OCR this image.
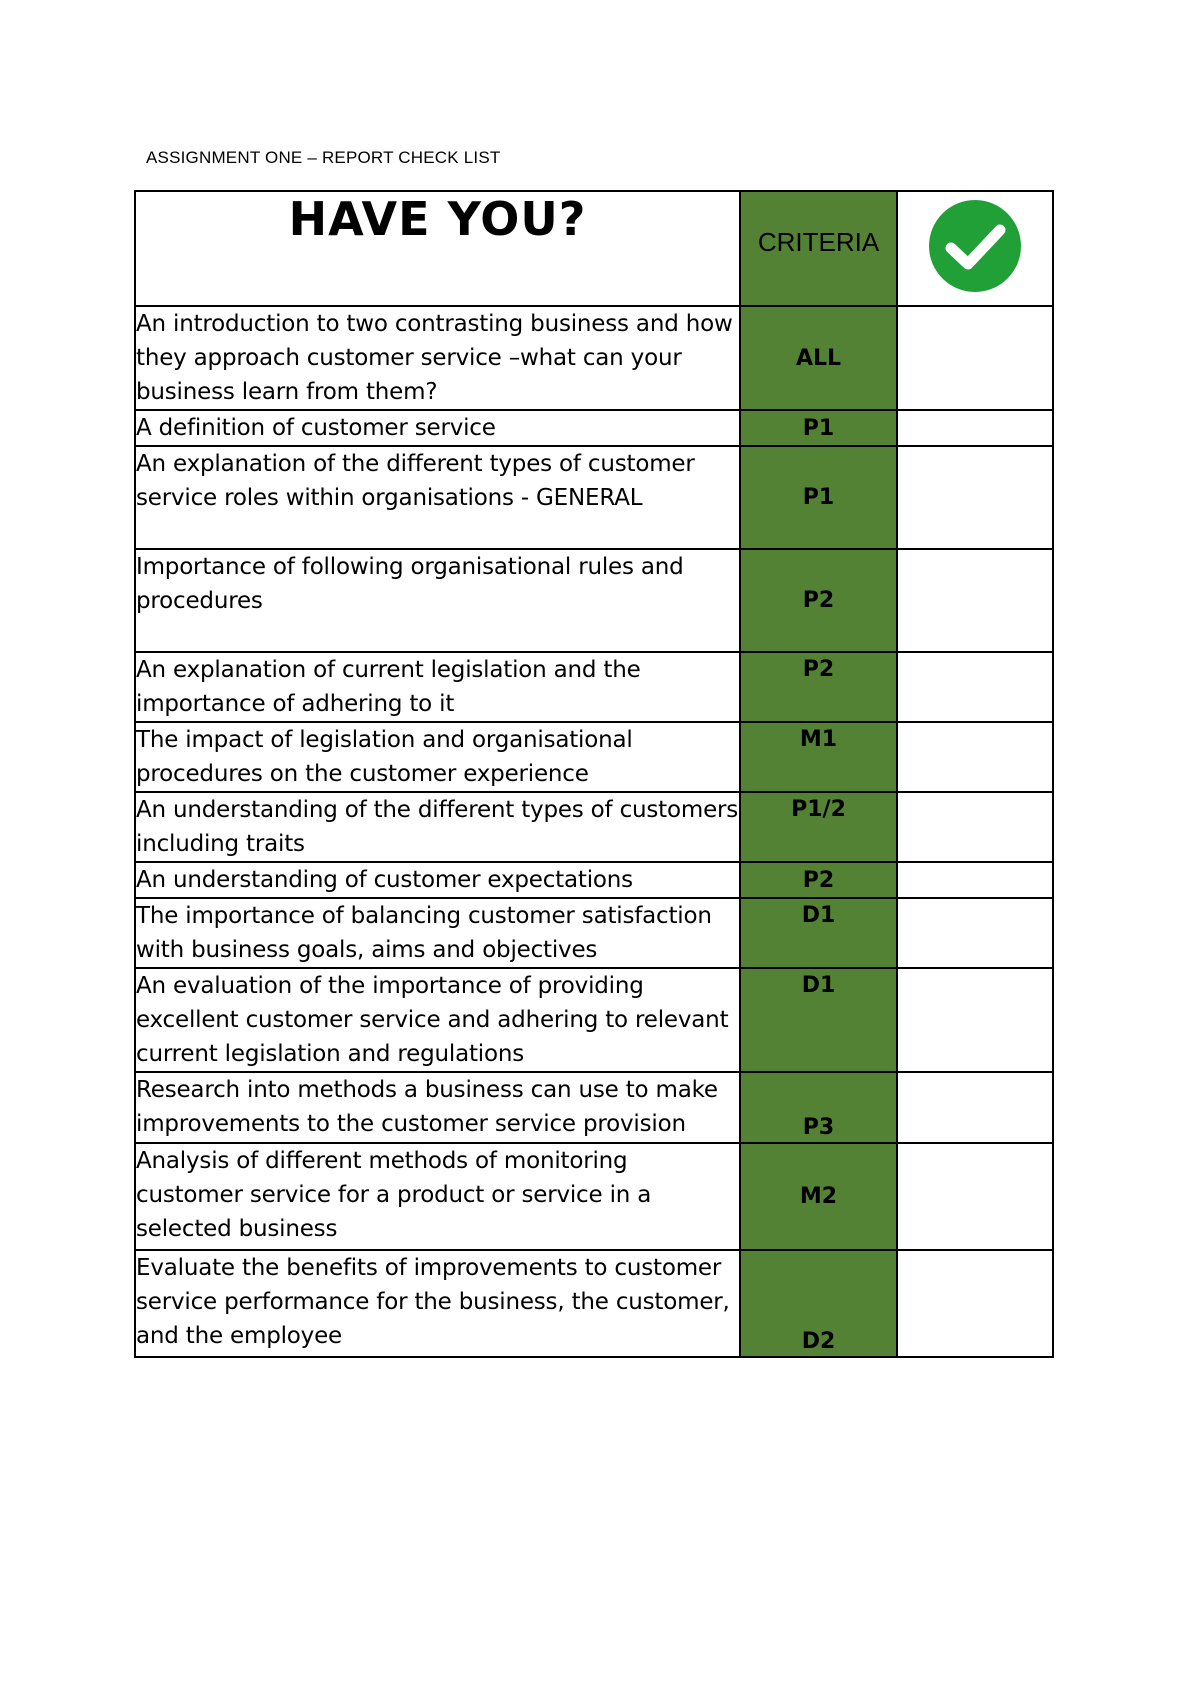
ASSIGNMENT ONE – REPORT CHECK LIST
HAVE YOU?	CRITERIA	
An introduction to two contrasting business and how they approach customer service –what can your business learn from them?	ALL	
A definition of customer service	P1	
An explanation of the different types of customer service roles within organisations - GENERAL	P1	
Importance of following organisational rules and procedures	P2	
An explanation of current legislation and the importance of adhering to it	P2	
The impact of legislation and organisational procedures on the customer experience	M1	
An understanding of the different types of customers including traits	P1/2	
An understanding of customer expectations	P2	
The importance of balancing customer satisfaction with business goals, aims and objectives	D1	
An evaluation of the importance of providing excellent customer service and adhering to relevant current legislation and regulations	D1	
Research into methods a business can use to make improvements to the customer service provision	P3	
Analysis of different methods of monitoring customer service for a product or service in a selected business	M2	
Evaluate the benefits of improvements to customer service performance for the business, the customer, and the employee	D2	
